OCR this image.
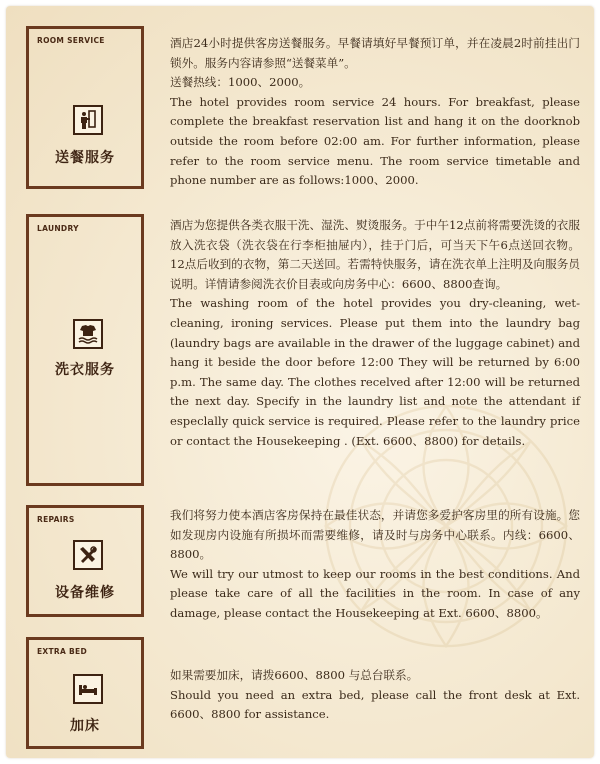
ROOM SERVICE
送餐服务

酒店24小时提供客房送餐服务。早餐请填好早餐预订单，并在凌晨2时前挂出门锁外。服务内容请参照“送餐菜单”。

送餐热线：1000、2000。

The hotel provides room service 24 hours. For breakfast, please complete the breakfast reservation list and hang it on the doorknob outside the room before 02:00 am. For further information, please refer to the room service menu. The room service timetable and phone number are as follows:1000、2000.

LAUNDRY
洗衣服务

酒店为您提供各类衣服干洗、湿洗、熨烫服务。于中午12点前将需要洗烫的衣服放入洗衣袋（洗衣袋在行李柜抽屉内），挂于门后，可当天下午6点送回衣物。12点后收到的衣物，第二天送回。若需特快服务，请在洗衣单上注明及向服务员说明。详情请参阅洗衣价目表或向房务中心：6600、8800查询。

The washing room of the hotel provides you dry-cleaning, wet-cleaning, ironing services. Please put them into the laundry bag (laundry bags are available in the drawer of the luggage cabinet) and hang it beside the door before 12:00 They will be returned by 6:00 p.m. The same day. The clothes recelved after 12:00 will be returned the next day. Specify in the laundry list and note the attendant if especlally quick service is required. Please refer to the laundry price or contact the Housekeeping . (Ext. 6600、8800) for details.

REPAIRS
设备维修

我们将努力使本酒店客房保持在最佳状态，并请您多爱护客房里的所有设施。您如发现房内设施有所损坏而需要维修，请及时与房务中心联系。内线：6600、8800。

We will try our utmost to keep our rooms in the best conditions. And please take care of all the facilities in the room. In case of any damage, please contact the Housekeeping at Ext. 6600、8800。

EXTRA BED
加床

如果需要加床，请拨6600、8800 与总台联系。

Should you need an extra bed, please call the front desk at Ext. 6600、8800 for assistance.
